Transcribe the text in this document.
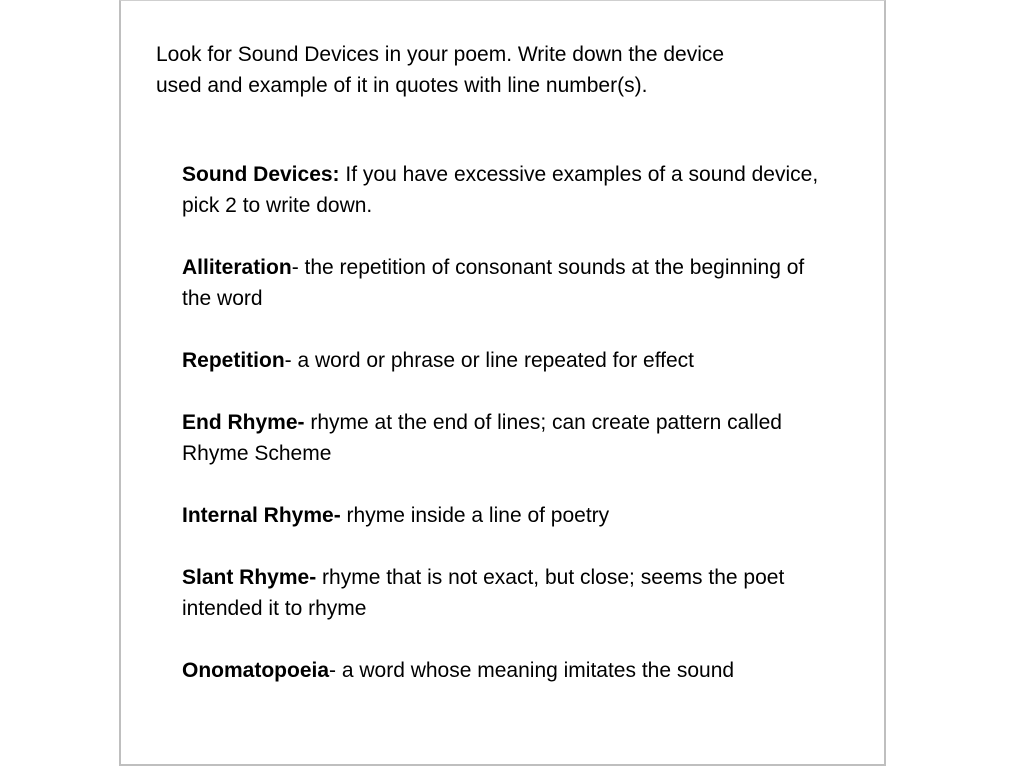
Look for Sound Devices in your poem. Write down the device
used and example of it in quotes with line number(s).

Sound Devices: If you have excessive examples of a sound device, pick 2 to write down.
Alliteration- the repetition of consonant sounds at the beginning of the word
Repetition- a word or phrase or line repeated for effect
End Rhyme- rhyme at the end of lines; can create pattern called Rhyme Scheme
Internal Rhyme- rhyme inside a line of poetry
Slant Rhyme- rhyme that is not exact, but close; seems the poet intended it to rhyme
Onomatopoeia- a word whose meaning imitates the sound
